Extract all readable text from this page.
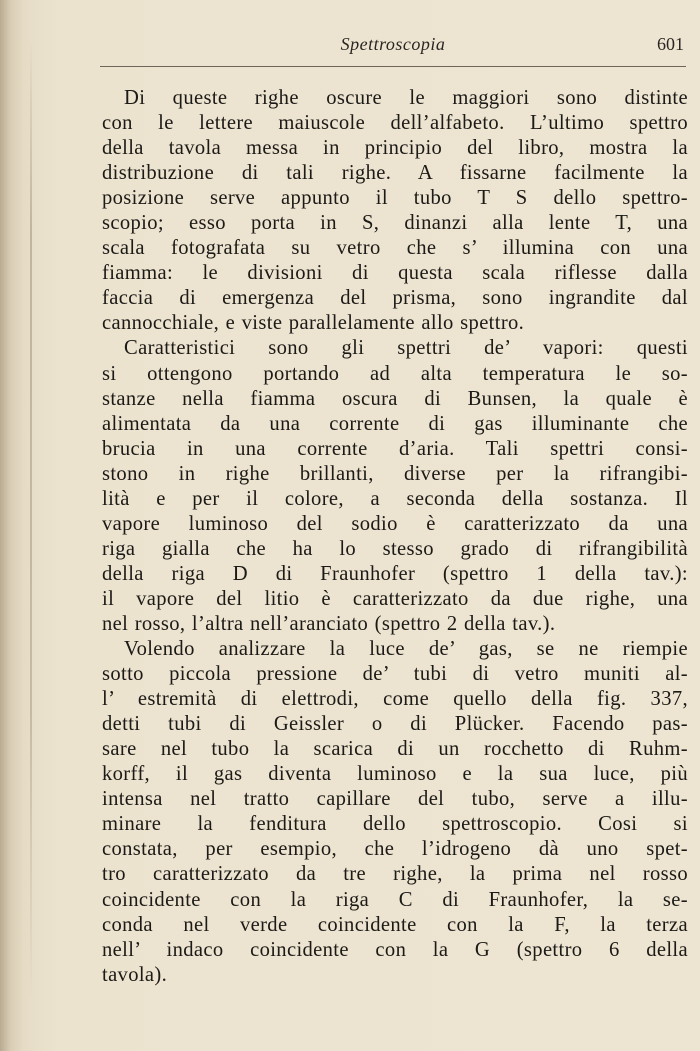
Spettroscopia	601

Di queste righe oscure le maggiori sono distinte
con le lettere maiuscole dell’alfabeto. L’ultimo spettro
della tavola messa in principio del libro, mostra la
distribuzione di tali righe. A fissarne facilmente la
posizione serve appunto il tubo T S dello spettro-
scopio; esso porta in S, dinanzi alla lente T, una
scala fotografata su vetro che s’ illumina con una
fiamma: le divisioni di questa scala riflesse dalla
faccia di emergenza del prisma, sono ingrandite dal
cannocchiale, e viste parallelamente allo spettro.

Caratteristici sono gli spettri de’ vapori: questi
si ottengono portando ad alta temperatura le so-
stanze nella fiamma oscura di Bunsen, la quale è
alimentata da una corrente di gas illuminante che
brucia in una corrente d’aria. Tali spettri consi-
stono in righe brillanti, diverse per la rifrangibi-
lità e per il colore, a seconda della sostanza. Il
vapore luminoso del sodio è caratterizzato da una
riga gialla che ha lo stesso grado di rifrangibilità
della riga D di Fraunhofer (spettro 1 della tav.):
il vapore del litio è caratterizzato da due righe, una
nel rosso, l’altra nell’aranciato (spettro 2 della tav.).

Volendo analizzare la luce de’ gas, se ne riempie
sotto piccola pressione de’ tubi di vetro muniti al-
l’ estremità di elettrodi, come quello della fig. 337,
detti tubi di Geissler o di Plücker. Facendo pas-
sare nel tubo la scarica di un rocchetto di Ruhm-
korff, il gas diventa luminoso e la sua luce, più
intensa nel tratto capillare del tubo, serve a illu-
minare la fenditura dello spettroscopio. Cosi si
constata, per esempio, che l’idrogeno dà uno spet-
tro caratterizzato da tre righe, la prima nel rosso
coincidente con la riga C di Fraunhofer, la se-
conda nel verde coincidente con la F, la terza
nell’ indaco coincidente con la G (spettro 6 della
tavola).
